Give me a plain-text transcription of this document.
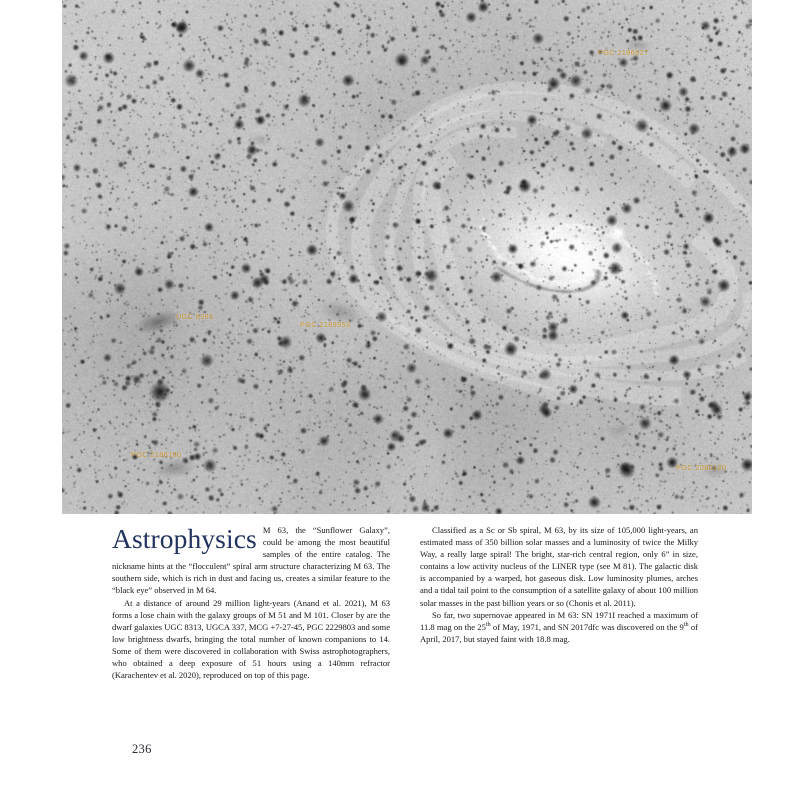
PGC 2196627
UGC 8365
PGC 2189953
PGC 2186180
PGC 2080120

Astrophysics M 63, the “Sunflower Galaxy”, could be among the most beautiful samples of the entire catalog. The nickname hints at the “flocculent” spiral arm structure characterizing M 63. The southern side, which is rich in dust and facing us, creates a similar feature to the “black eye” observed in M 64.

At a distance of around 29 million light-years (Anand et al. 2021), M 63 forms a lose chain with the galaxy groups of M 51 and M 101. Closer by are the dwarf galaxies UGC 8313, UGCA 337, MCG +7-27-45, PGC 2229803 and some low brightness dwarfs, bringing the total number of known companions to 14. Some of them were discovered in collaboration with Swiss astrophotographers, who obtained a deep exposure of 51 hours using a 140mm refractor (Karachentev et al. 2020), reproduced on top of this page.

Classified as a Sc or Sb spiral, M 63, by its size of 105,000 light-years, an estimated mass of 350 billion solar masses and a luminosity of twice the Milky Way, a really large spiral! The bright, star-rich central region, only 6” in size, contains a low activity nucleus of the LINER type (see M 81). The galactic disk is accompanied by a warped, hot gaseous disk. Low luminosity plumes, arches and a tidal tail point to the consumption of a satellite galaxy of about 100 million solar masses in the past billion years or so (Chonis et al. 2011).

So far, two supernovae appeared in M 63: SN 1971I reached a maximum of 11.8 mag on the 25th of May, 1971, and SN 2017dfc was discovered on the 9th of April, 2017, but stayed faint with 18.8 mag.

236
